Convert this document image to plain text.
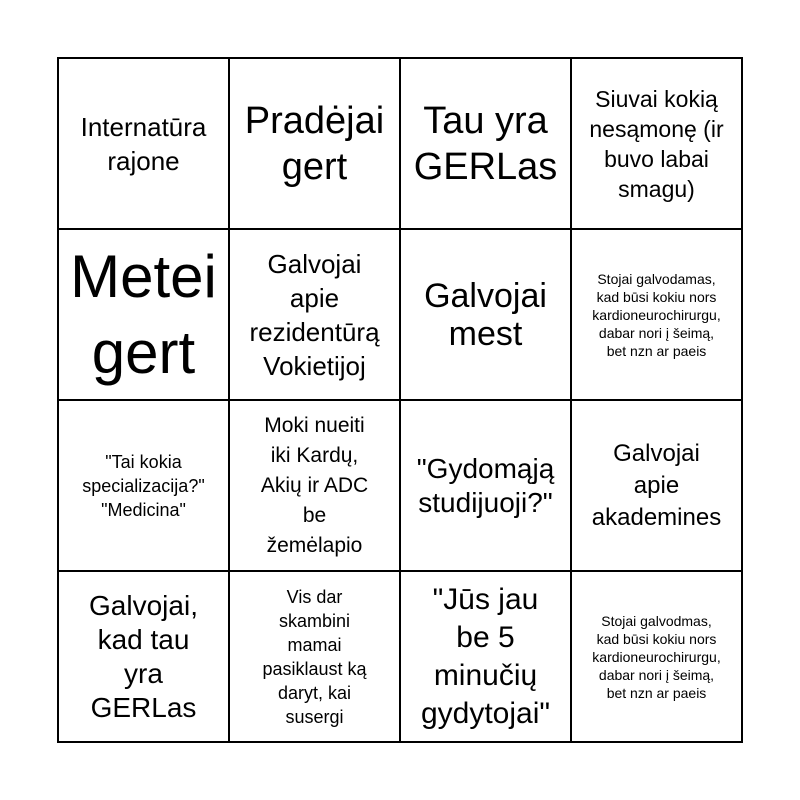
Internatūra
rajone
Pradėjai
gert
Tau yra
GERLas
Siuvai kokią
nesąmonę (ir
buvo labai
smagu)
Metei
gert
Galvojai
apie
rezidentūrą
Vokietijoj
Galvojai
mest
Stojai galvodamas,
kad būsi kokiu nors
kardioneurochirurgu,
dabar nori į šeimą,
bet nzn ar paeis
"Tai kokia
specializacija?"
"Medicina"
Moki nueiti
iki Kardų,
Akių ir ADC
be
žemėlapio
"Gydomąją
studijuoji?"
Galvojai
apie
akademines
Galvojai,
kad tau
yra
GERLas
Vis dar
skambini
mamai
pasiklaust ką
daryt, kai
susergi
"Jūs jau
be 5
minučių
gydytojai"
Stojai galvodmas,
kad būsi kokiu nors
kardioneurochirurgu,
dabar nori į šeimą,
bet nzn ar paeis
